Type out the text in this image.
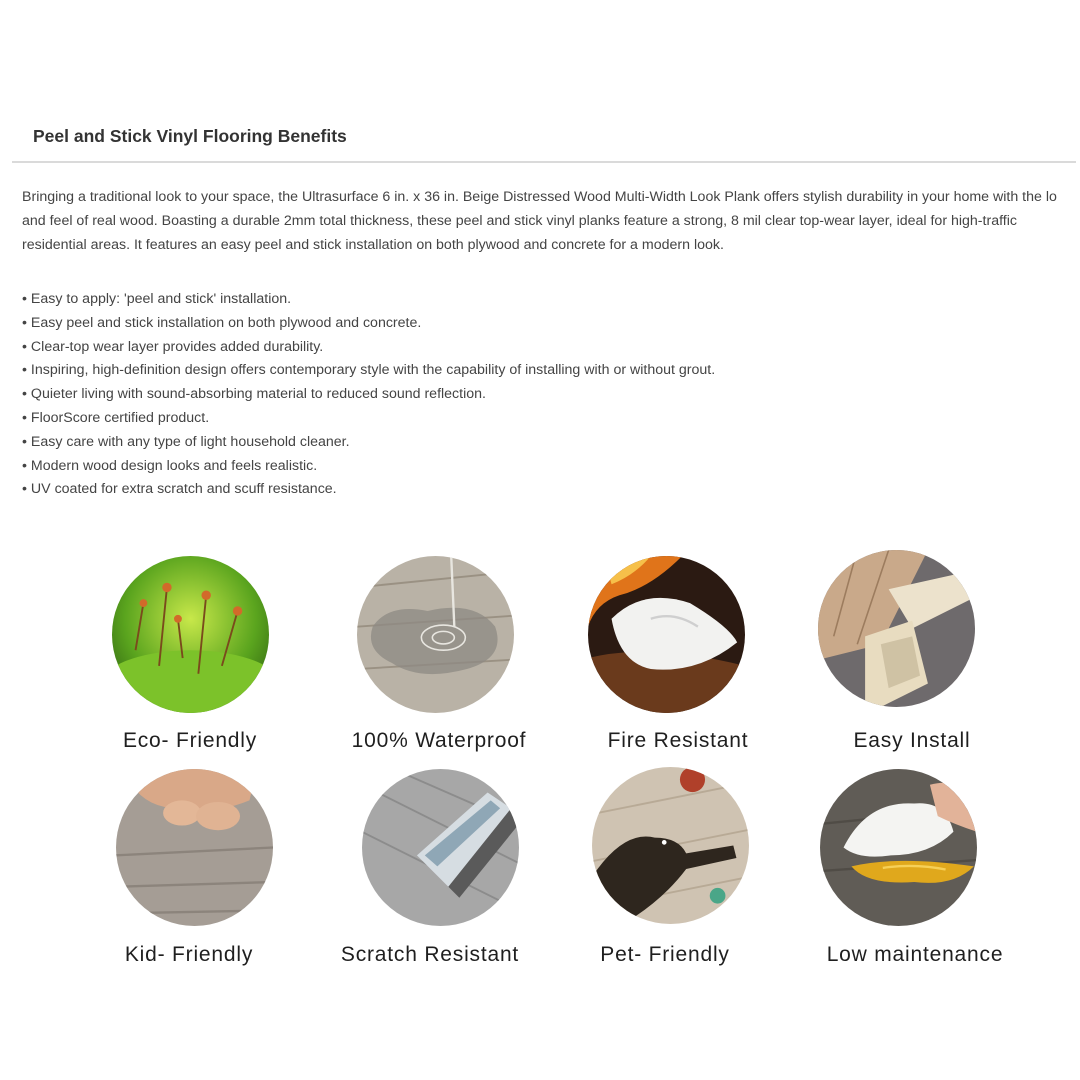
Peel and Stick Vinyl Flooring Benefits

Bringing a traditional look to your space, the Ultrasurface 6 in. x 36 in. Beige Distressed Wood Multi-Width Look Plank offers stylish durability in your home with the lo
and feel of real wood. Boasting a durable 2mm total thickness, these peel and stick vinyl planks feature a strong, 8 mil clear top-wear layer, ideal for high-traffic
residential areas. It features an easy peel and stick installation on both plywood and concrete for a modern look.

• Easy to apply: 'peel and stick' installation.
• Easy peel and stick installation on both plywood and concrete.
• Clear-top wear layer provides added durability.
• Inspiring, high-definition design offers contemporary style with the capability of installing with or without grout.
• Quieter living with sound-absorbing material to reduced sound reflection.
• FloorScore certified product.
• Easy care with any type of light household cleaner.
• Modern wood design looks and feels realistic.
• UV coated for extra scratch and scuff resistance.
Eco- Friendly	100% Waterproof	Fire Resistant	Easy Install
Kid- Friendly	Scratch Resistant	Pet- Friendly	Low maintenance
